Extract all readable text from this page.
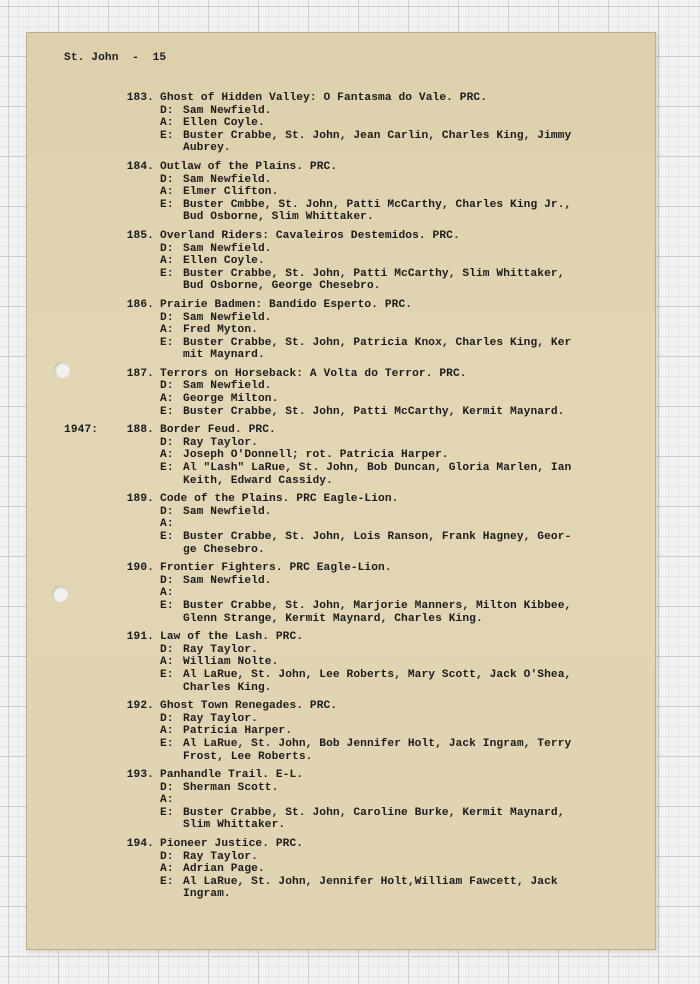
St. John  -  15
183. Ghost of Hidden Valley: O Fantasma do Vale. PRC.
D: Sam Newfield.
A: Ellen Coyle.
E: Buster Crabbe, St. John, Jean Carlin, Charles King, Jimmy
Aubrey.
184. Outlaw of the Plains. PRC.
D: Sam Newfield.
A: Elmer Clifton.
E: Buster Cmbbe, St. John, Patti McCarthy, Charles King Jr.,
Bud Osborne, Slim Whittaker.
185. Overland Riders: Cavaleiros Destemidos. PRC.
D: Sam Newfield.
A: Ellen Coyle.
E: Buster Crabbe, St. John, Patti McCarthy, Slim Whittaker,
Bud Osborne, George Chesebro.
186. Prairie Badmen: Bandido Esperto. PRC.
D: Sam Newfield.
A: Fred Myton.
E: Buster Crabbe, St. John, Patricia Knox, Charles King, Ker
mit Maynard.
187. Terrors on Horseback: A Volta do Terror. PRC.
D: Sam Newfield.
A: George Milton.
E: Buster Crabbe, St. John, Patti McCarthy, Kermit Maynard.
1947:	188. Border Feud. PRC.
D: Ray Taylor.
A: Joseph O'Donnell; rot. Patricia Harper.
E: Al "Lash" LaRue, St. John, Bob Duncan, Gloria Marlen, Ian
Keith, Edward Cassidy.
189. Code of the Plains. PRC Eagle-Lion.
D: Sam Newfield.
A:
E: Buster Crabbe, St. John, Lois Ranson, Frank Hagney, Geor-
ge Chesebro.
190. Frontier Fighters. PRC Eagle-Lion.
D: Sam Newfield.
A:
E: Buster Crabbe, St. John, Marjorie Manners, Milton Kibbee,
Glenn Strange, Kermit Maynard, Charles King.
191. Law of the Lash. PRC.
D: Ray Taylor.
A: William Nolte.
E: Al LaRue, St. John, Lee Roberts, Mary Scott, Jack O'Shea,
Charles King.
192. Ghost Town Renegades. PRC.
D: Ray Taylor.
A: Patricia Harper.
E: Al LaRue, St. John, Bob Jennifer Holt, Jack Ingram, Terry
Frost, Lee Roberts.
193. Panhandle Trail. E-L.
D: Sherman Scott.
A:
E: Buster Crabbe, St. John, Caroline Burke, Kermit Maynard,
Slim Whittaker.
194. Pioneer Justice. PRC.
D: Ray Taylor.
A: Adrian Page.
E: Al LaRue, St. John, Jennifer Holt,William Fawcett, Jack
Ingram.
